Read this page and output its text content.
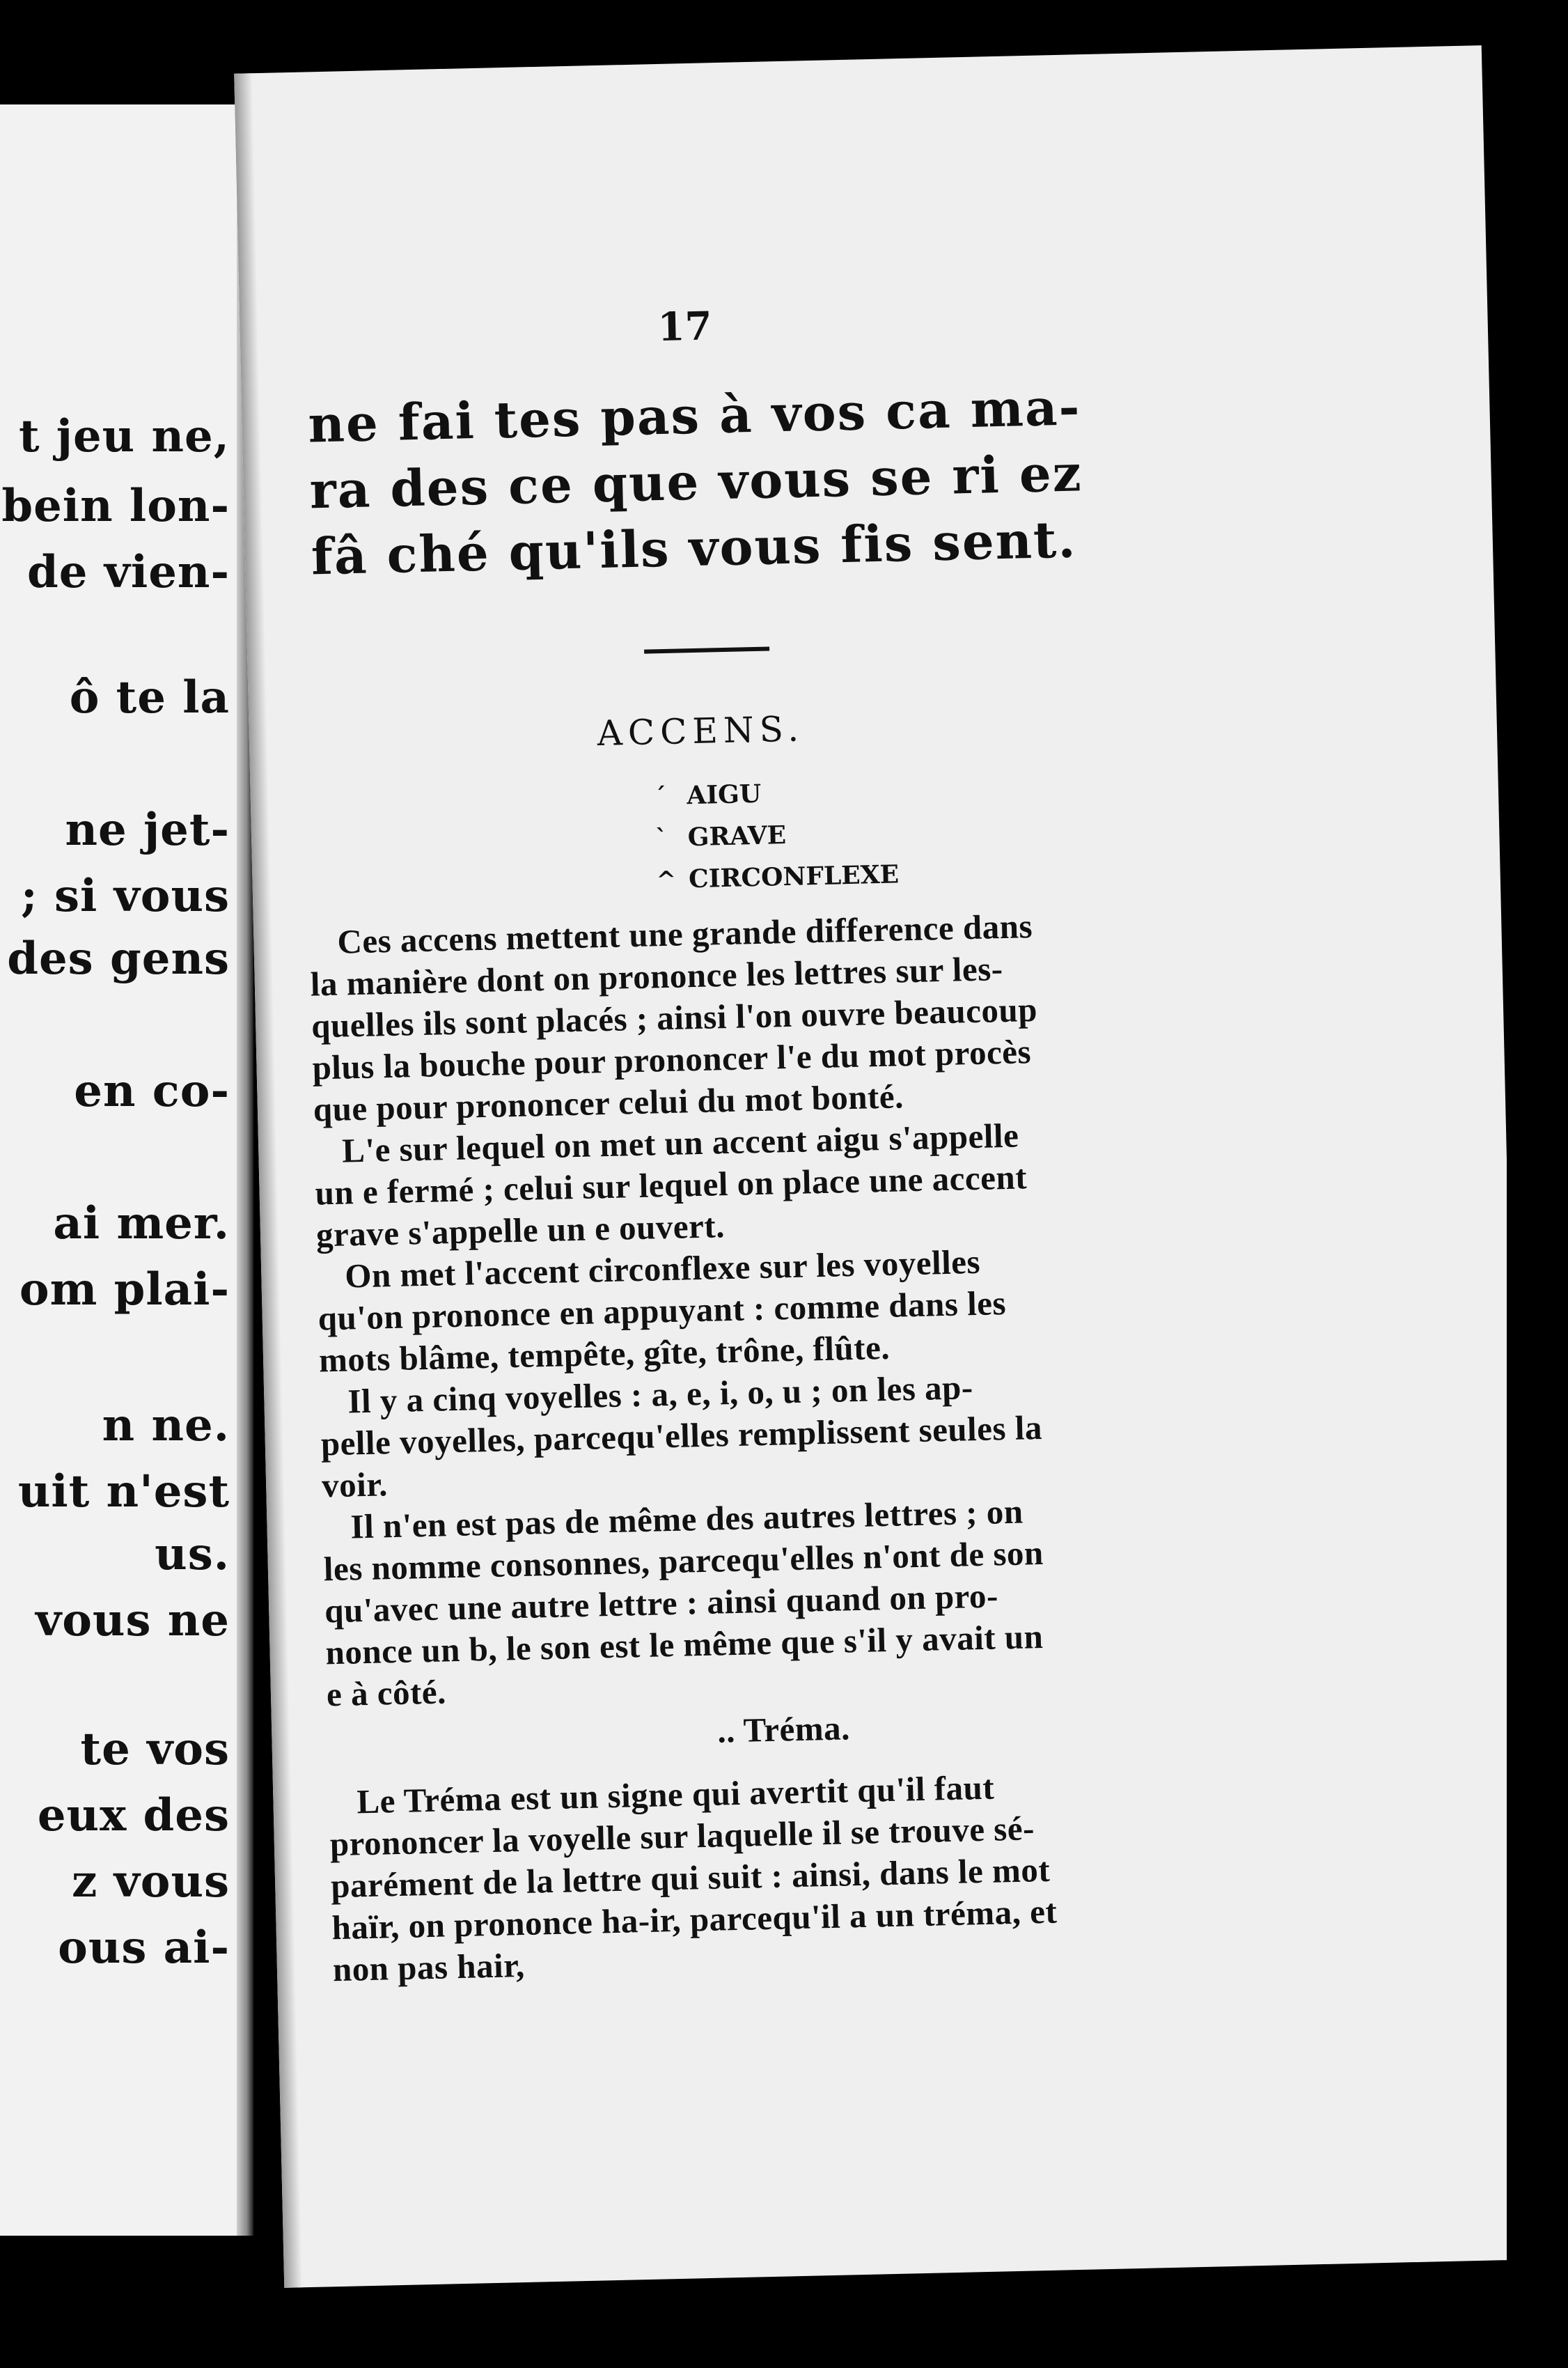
t jeu ne,
bein lon-
de vien-
ô te la
ne jet-
; si vous
des gens
en co-
ai mer.
om plai-
n ne.
uit n'est
us.
vous ne
te vos
eux des
z vous
ous ai-
17
ne fai tes pas à vos ca ma-
ra des ce que vous se ri ez
fâ ché qu'ils vous fis sent.
ACCENS.
´ AIGU
` GRAVE
^ CIRCONFLEXE
Ces accens mettent une grande difference dans
la manière dont on prononce les lettres sur les-
quelles ils sont placés ; ainsi l'on ouvre beaucoup
plus la bouche pour prononcer l'e du mot procès
que pour prononcer celui du mot bonté.
L'e sur lequel on met un accent aigu s'appelle
un e fermé ; celui sur lequel on place une accent
grave s'appelle un e ouvert.
On met l'accent circonflexe sur les voyelles
qu'on prononce en appuyant : comme dans les
mots blâme, tempête, gîte, trône, flûte.
Il y a cinq voyelles : a, e, i, o, u ; on les ap-
pelle voyelles, parcequ'elles remplissent seules la
voir.
Il n'en est pas de même des autres lettres ; on
les nomme consonnes, parcequ'elles n'ont de son
qu'avec une autre lettre : ainsi quand on pro-
nonce un b, le son est le même que s'il y avait un
e à côté.
.. Tréma.
Le Tréma est un signe qui avertit qu'il faut
prononcer la voyelle sur laquelle il se trouve sé-
parément de la lettre qui suit : ainsi, dans le mot
haïr, on prononce ha-ir, parcequ'il a un tréma, et
non pas hair,
